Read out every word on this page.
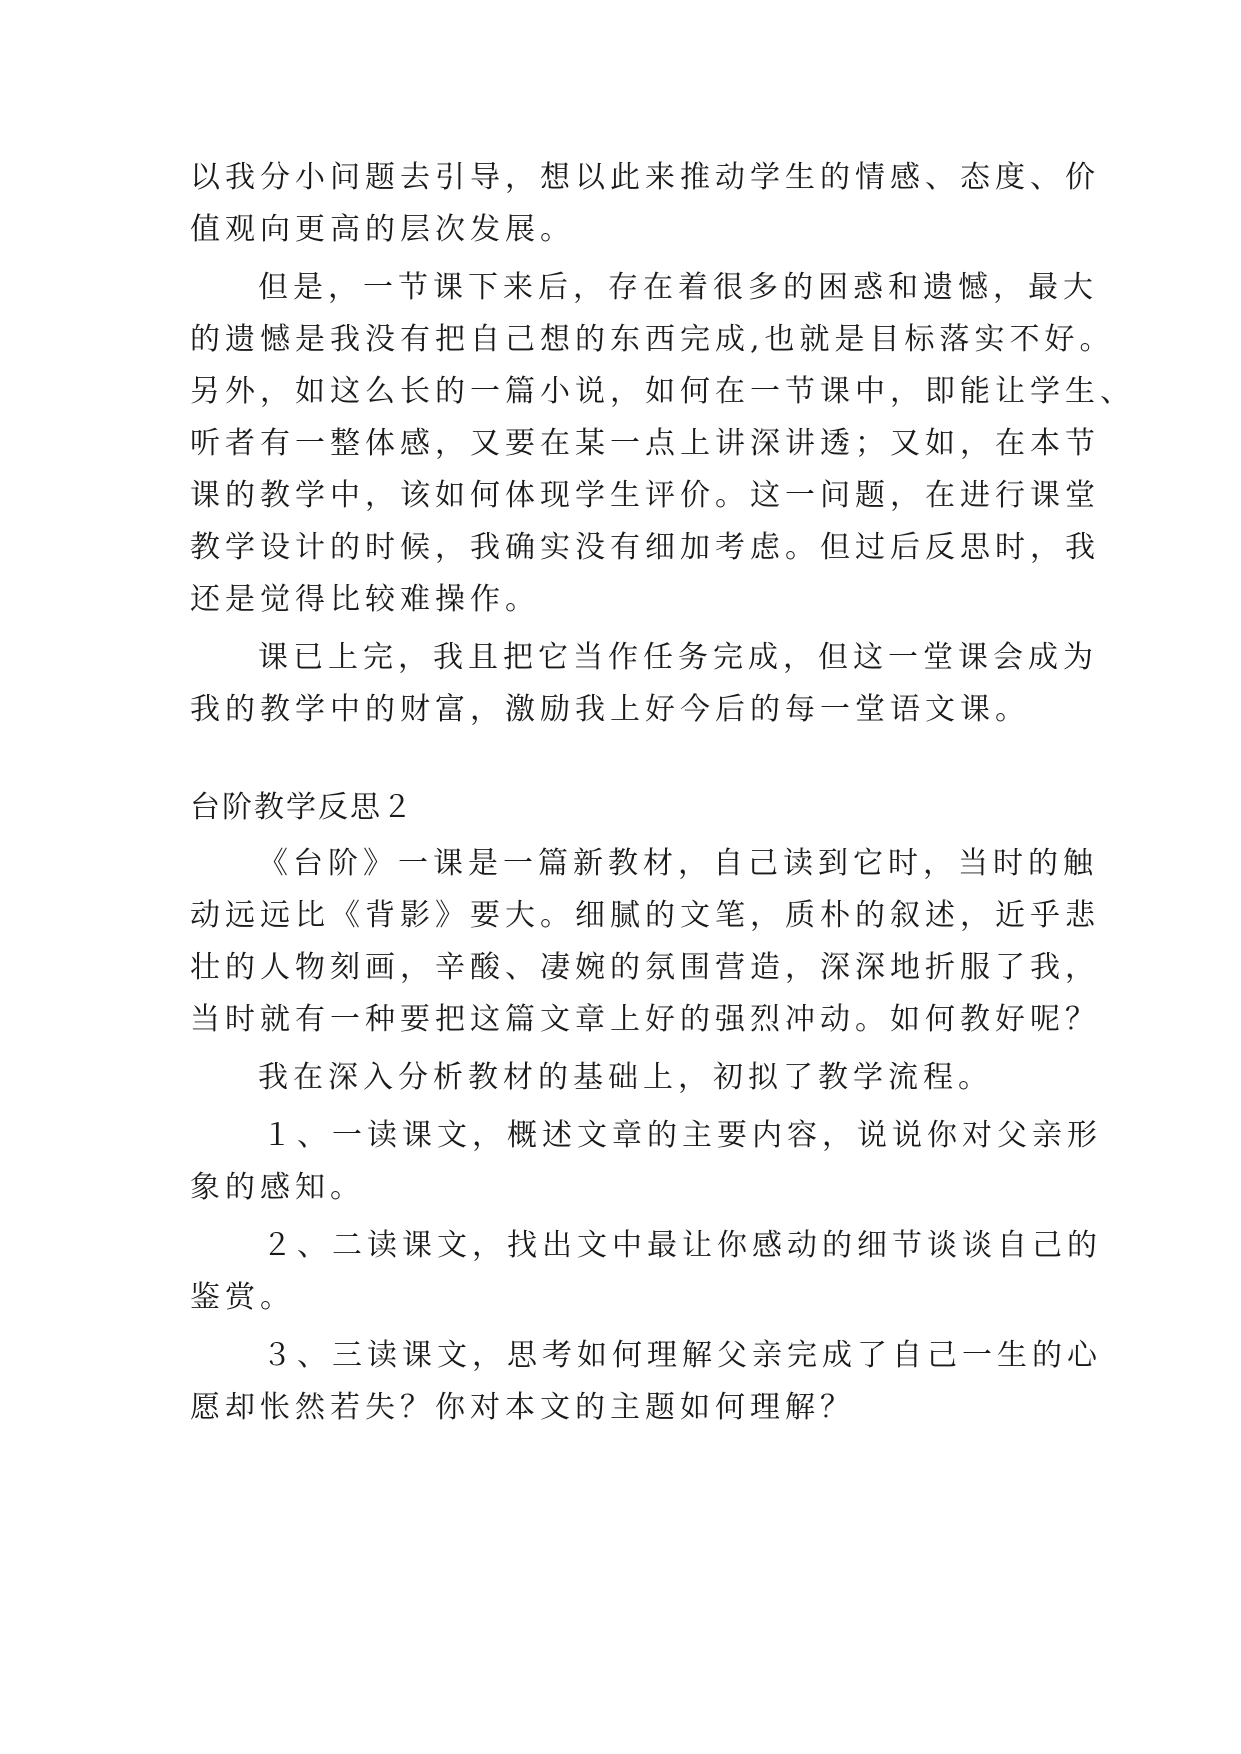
以我分小问题去引导，想以此来推动学生的情感、态度、价

值观向更高的层次发展。

但是，一节课下来后，存在着很多的困惑和遗憾，最大

的遗憾是我没有把自己想的东西完成,也就是目标落实不好。

另外，如这么长的一篇小说，如何在一节课中，即能让学生、

听者有一整体感，又要在某一点上讲深讲透；又如，在本节

课的教学中，该如何体现学生评价。这一问题，在进行课堂

教学设计的时候，我确实没有细加考虑。但过后反思时，我

还是觉得比较难操作。

课已上完，我且把它当作任务完成，但这一堂课会成为

我的教学中的财富，激励我上好今后的每一堂语文课。

台阶教学反思２

《台阶》一课是一篇新教材，自己读到它时，当时的触

动远远比《背影》要大。细腻的文笔，质朴的叙述，近乎悲

壮的人物刻画，辛酸、凄婉的氛围营造，深深地折服了我，

当时就有一种要把这篇文章上好的强烈冲动。如何教好呢？

我在深入分析教材的基础上，初拟了教学流程。

１、一读课文，概述文章的主要内容，说说你对父亲形

象的感知。

２、二读课文，找出文中最让你感动的细节谈谈自己的

鉴赏。

３、三读课文，思考如何理解父亲完成了自己一生的心

愿却怅然若失？你对本文的主题如何理解？
